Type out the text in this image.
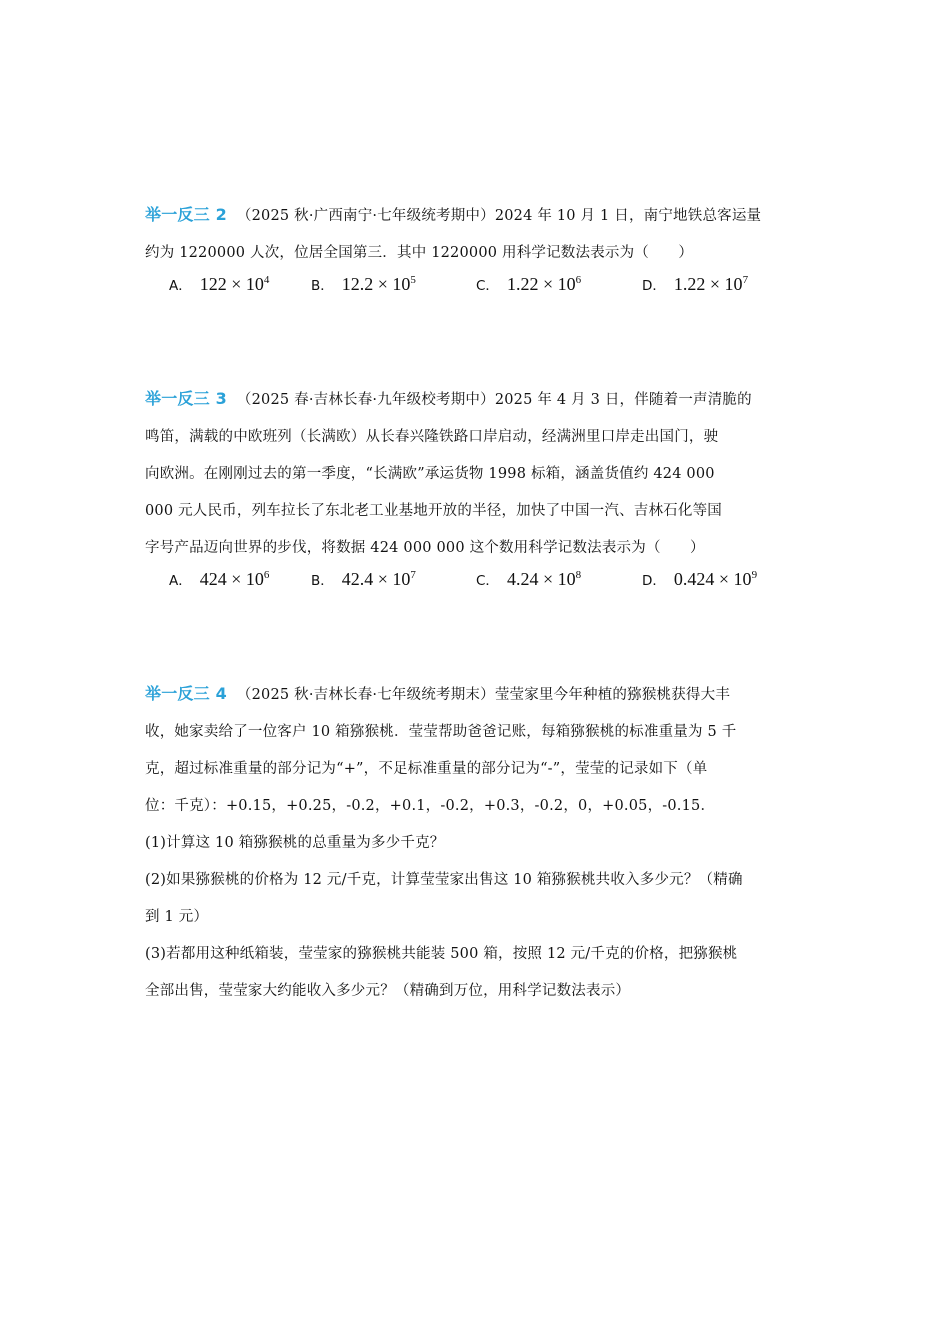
举一反三 2 （2025 秋·广西南宁·七年级统考期中）2024 年 10 月 1 日，南宁地铁总客运量
约为 1220000 人次，位居全国第三．其中 1220000 用科学记数法表示为（　　）
A． $122 \times 10^4$	B． $12.2 \times 10^5$	C． $1.22 \times 10^6$	D． $1.22 \times 10^7$
举一反三 3 （2025 春·吉林长春·九年级校考期中）2025 年 4 月 3 日，伴随着一声清脆的
鸣笛，满载的中欧班列（长满欧）从长春兴隆铁路口岸启动，经满洲里口岸走出国门，驶
向欧洲。在刚刚过去的第一季度，“长满欧”承运货物 1998 标箱，涵盖货值约 424 000
000 元人民币，列车拉长了东北老工业基地开放的半径，加快了中国一汽、吉林石化等国
字号产品迈向世界的步伐，将数据 424 000 000 这个数用科学记数法表示为（　　）
A． $424 \times 10^6$	B． $42.4 \times 10^7$	C． $4.24 \times 10^8$	D． $0.424 \times 10^9$
举一反三 4 （2025 秋·吉林长春·七年级统考期末）莹莹家里今年种植的猕猴桃获得大丰
收，她家卖给了一位客户 10 箱猕猴桃．莹莹帮助爸爸记账，每箱猕猴桃的标准重量为 5 千
克，超过标准重量的部分记为“+”，不足标准重量的部分记为“-”，莹莹的记录如下（单
位：千克）：+0.15，+0.25，-0.2，+0.1，-0.2，+0.3，-0.2，0，+0.05，-0.15．
(1)计算这 10 箱猕猴桃的总重量为多少千克？
(2)如果猕猴桃的价格为 12 元/千克，计算莹莹家出售这 10 箱猕猴桃共收入多少元？（精确
到 1 元）
(3)若都用这种纸箱装，莹莹家的猕猴桃共能装 500 箱，按照 12 元/千克的价格，把猕猴桃
全部出售，莹莹家大约能收入多少元？（精确到万位，用科学记数法表示）
